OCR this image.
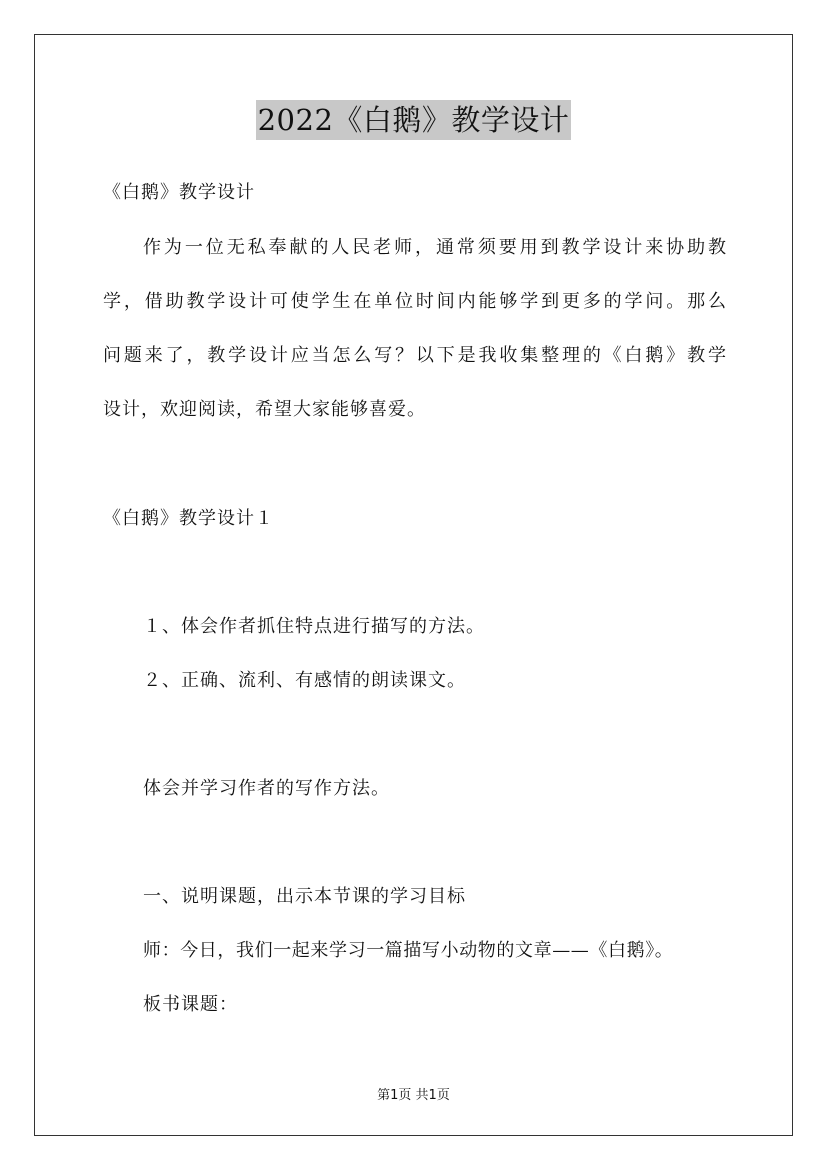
2022《白鹅》教学设计
《白鹅》教学设计
作为一位无私奉献的人民老师，通常须要用到教学设计来协助教
学，借助教学设计可使学生在单位时间内能够学到更多的学问。那么
问题来了，教学设计应当怎么写？以下是我收集整理的《白鹅》教学
设计，欢迎阅读，希望大家能够喜爱。
《白鹅》教学设计１
１、体会作者抓住特点进行描写的方法。
２、正确、流利、有感情的朗读课文。
体会并学习作者的写作方法。
一、说明课题，出示本节课的学习目标
师：今日，我们一起来学习一篇描写小动物的文章——《白鹅》。
板书课题：
第1页 共1页
